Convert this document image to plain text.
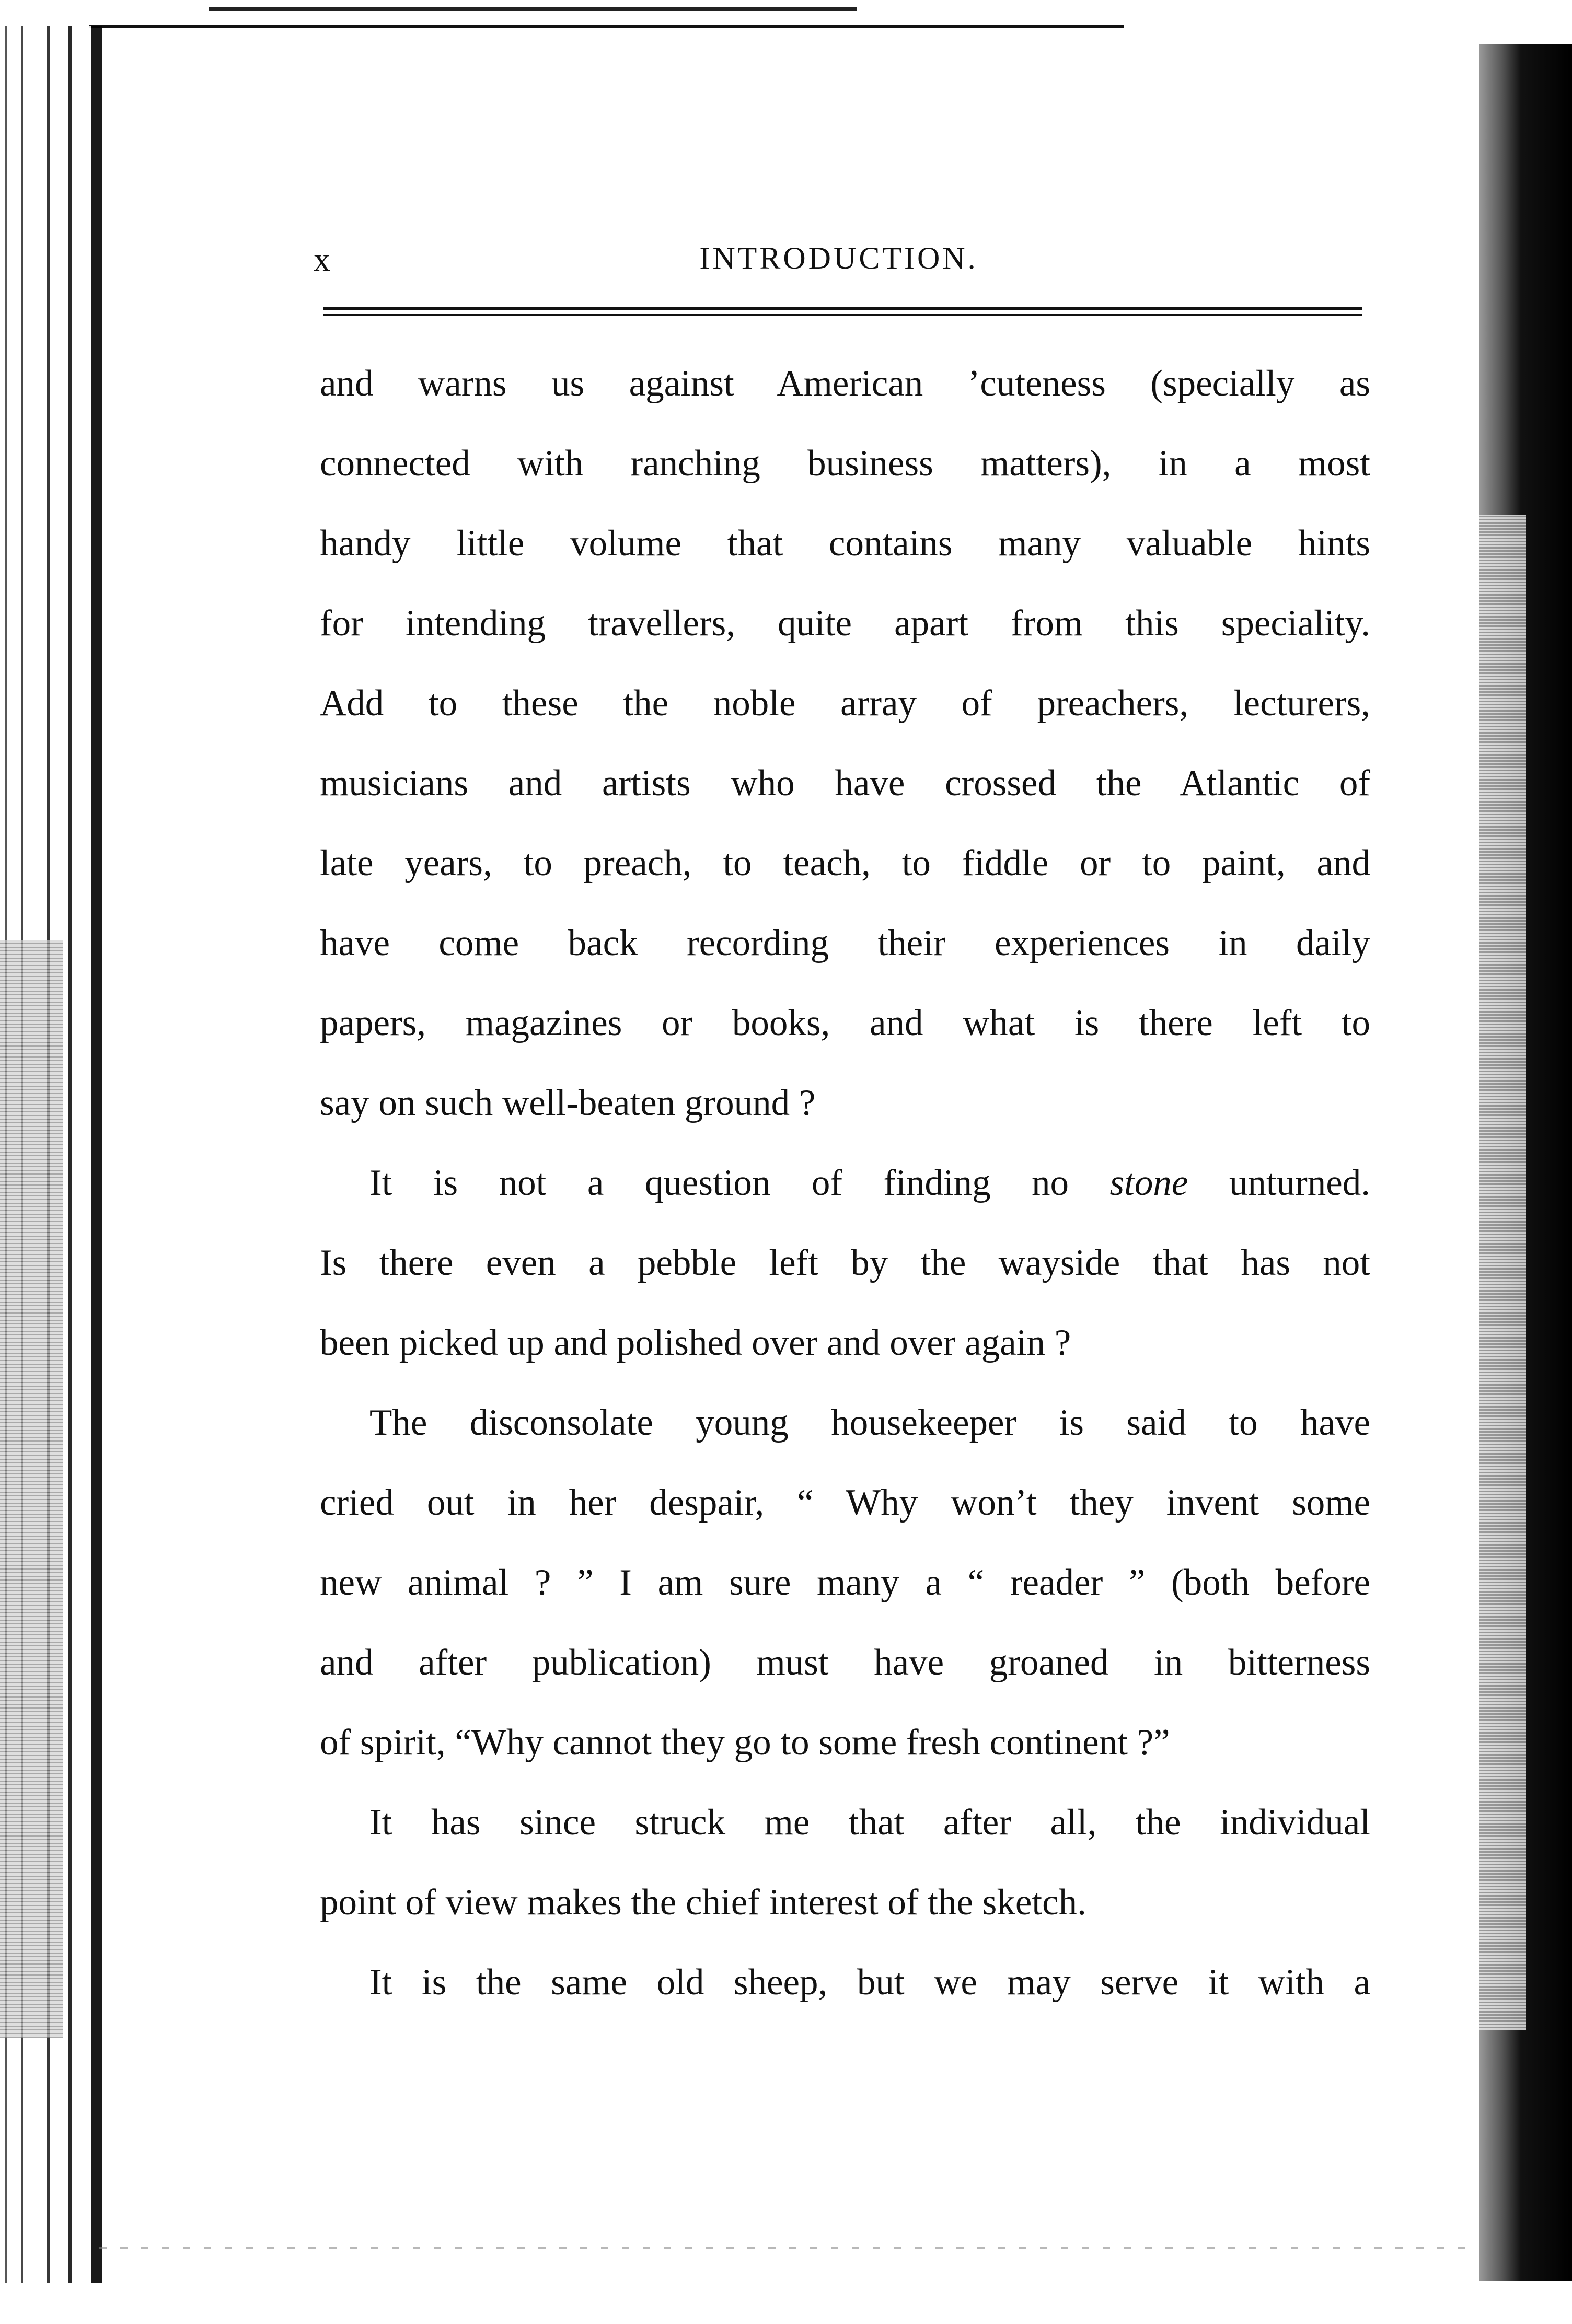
x	INTRODUCTION.
and warns us against American ’cuteness (specially as
connected with ranching business matters), in a most
handy little volume that contains many valuable hints
for intending travellers, quite apart from this speciality.
Add to these the noble array of preachers, lecturers,
musicians and artists who have crossed the Atlantic of
late years, to preach, to teach, to fiddle or to paint, and
have come back recording their experiences in daily
papers, magazines or books, and what is there left to
say on such well-beaten ground ?
It is not a question of finding no stone unturned.
Is there even a pebble left by the wayside that has not
been picked up and polished over and over again ?
The disconsolate young housekeeper is said to have
cried out in her despair, “ Why won’t they invent some
new animal ? ” I am sure many a “ reader ” (both before
and after publication) must have groaned in bitterness
of spirit, “Why cannot they go to some fresh continent ?”
It has since struck me that after all, the individual
point of view makes the chief interest of the sketch.
It is the same old sheep, but we may serve it with a
